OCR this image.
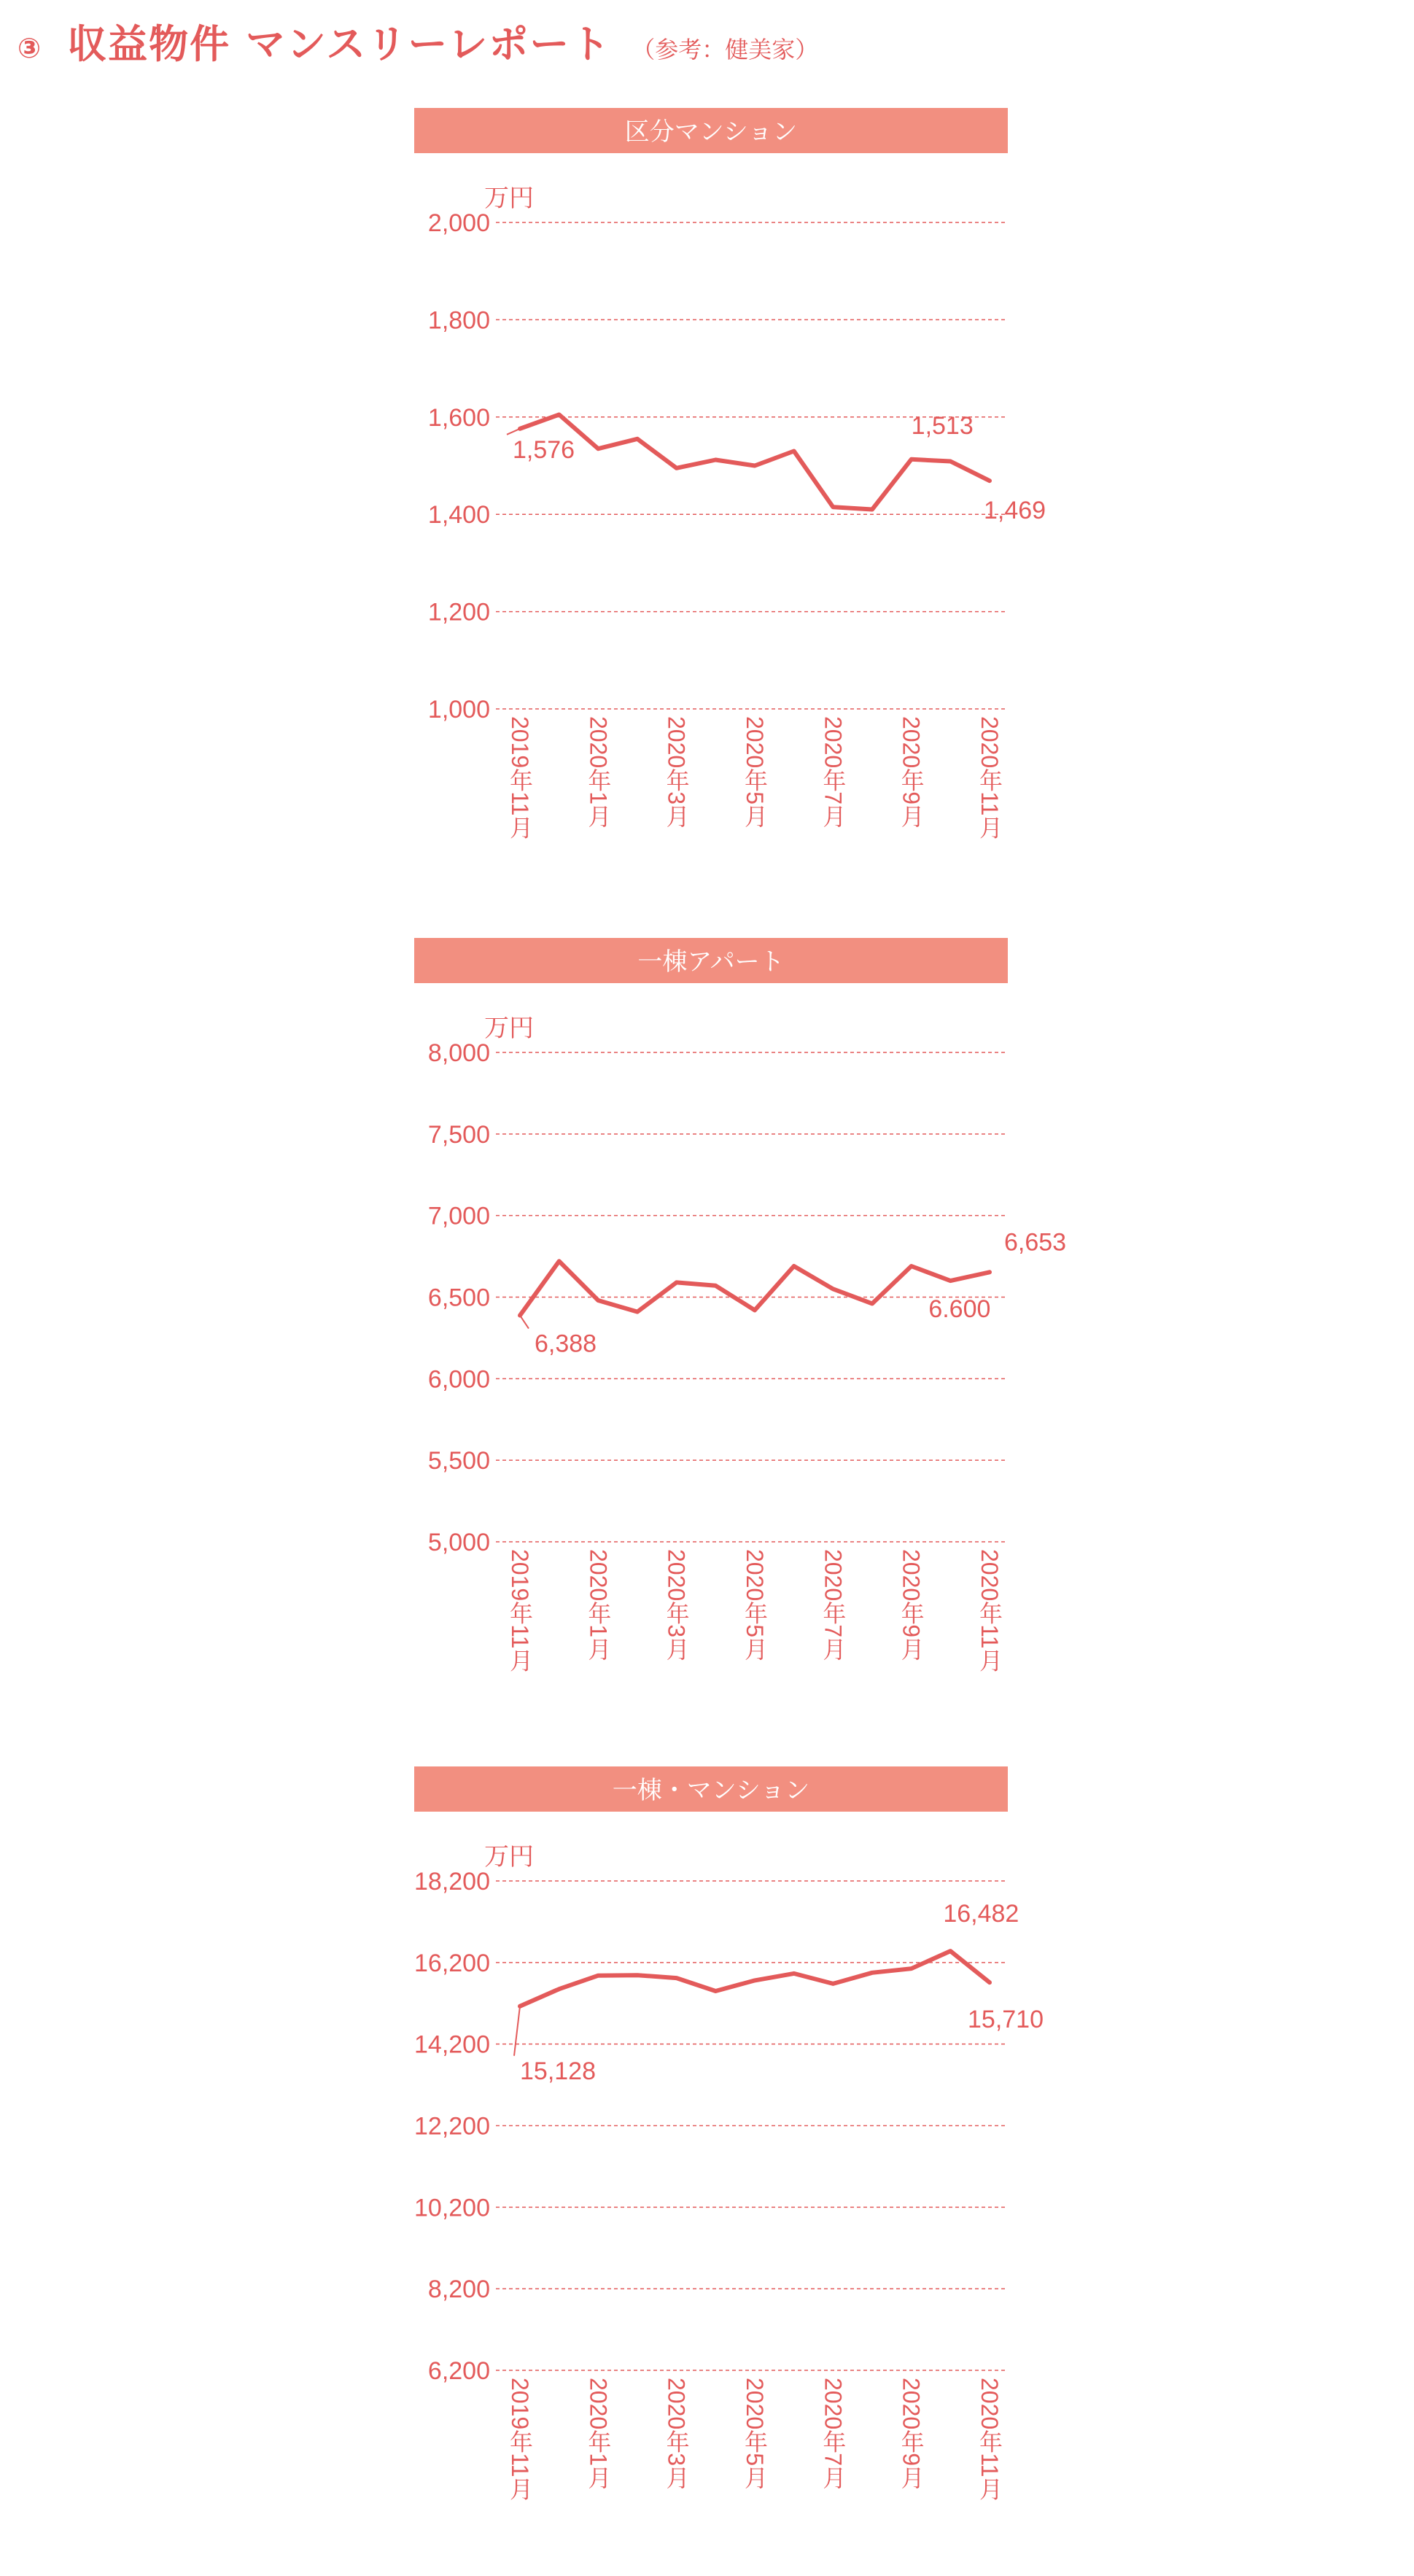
③ 収益物件 マンスリーレポート （参考：健美家）
区分マンション
万円
1,000
1,200
1,400
1,600
1,800
2,000
2019年11月 2020年1月 2020年3月 2020年5月 2020年7月 2020年9月 2020年11月
1,576
1,513
1,469
一棟アパート
万円
5,000
5,500
6,000
6,500
7,000
7,500
8,000
2019年11月 2020年1月 2020年3月 2020年5月 2020年7月 2020年9月 2020年11月
6,388
6.600
6,653
一棟・マンション
万円
6,200
8,200
10,200
12,200
14,200
16,200
18,200
2019年11月 2020年1月 2020年3月 2020年5月 2020年7月 2020年9月 2020年11月
15,128
16,482
15,710
